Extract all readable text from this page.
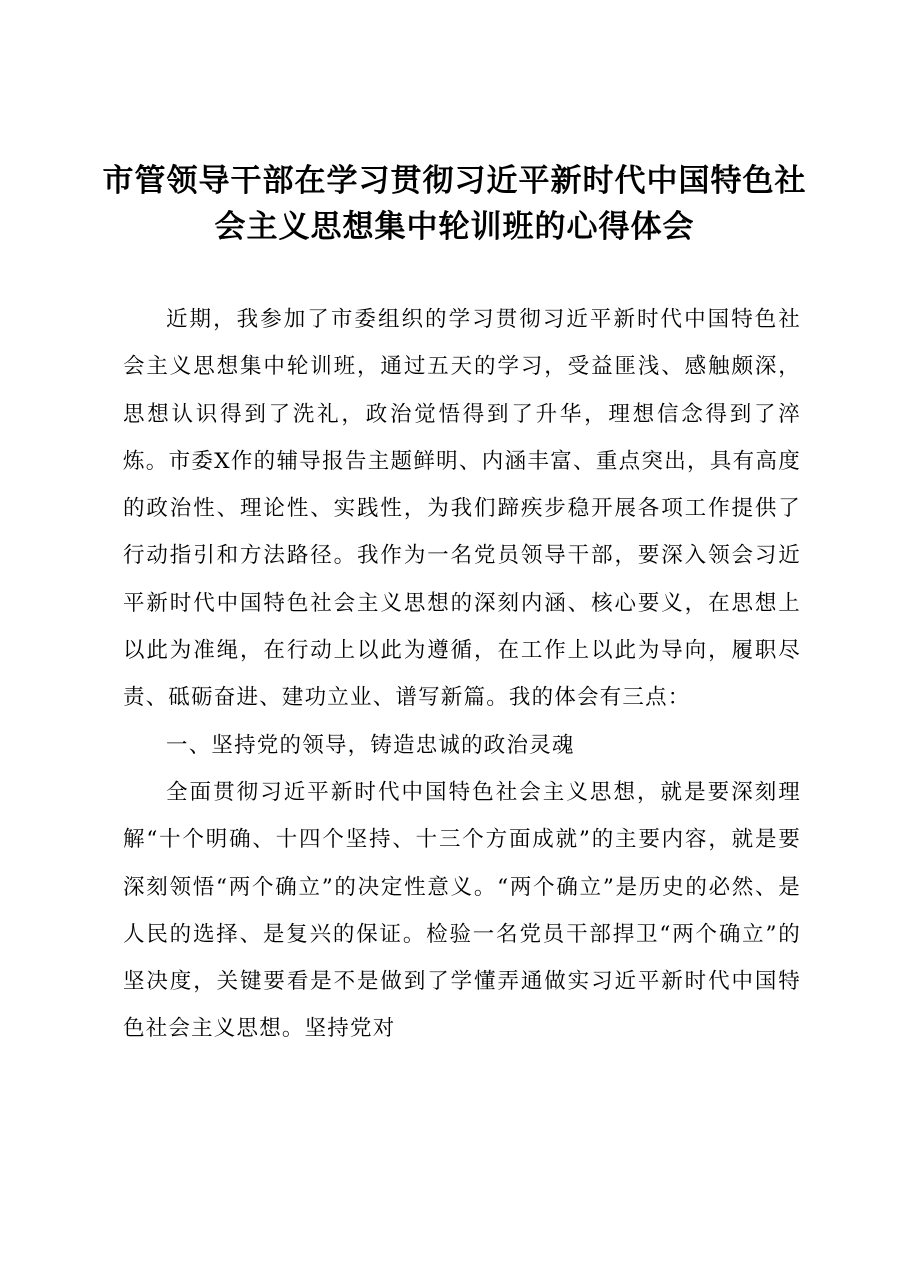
市管领导干部在学习贯彻习近平新时代中国特色社会主义思想集中轮训班的心得体会

近期，我参加了市委组织的学习贯彻习近平新时代中国特色社会主义思想集中轮训班，通过五天的学习，受益匪浅、感触颇深，思想认识得到了洗礼，政治觉悟得到了升华，理想信念得到了淬炼。市委X作的辅导报告主题鲜明、内涵丰富、重点突出，具有高度的政治性、理论性、实践性，为我们蹄疾步稳开展各项工作提供了行动指引和方法路径。我作为一名党员领导干部，要深入领会习近平新时代中国特色社会主义思想的深刻内涵、核心要义，在思想上以此为准绳，在行动上以此为遵循，在工作上以此为导向，履职尽责、砥砺奋进、建功立业、谱写新篇。我的体会有三点：

一、坚持党的领导，铸造忠诚的政治灵魂

全面贯彻习近平新时代中国特色社会主义思想，就是要深刻理解“十个明确、十四个坚持、十三个方面成就”的主要内容，就是要深刻领悟“两个确立”的决定性意义。“两个确立”是历史的必然、是人民的选择、是复兴的保证。检验一名党员干部捍卫“两个确立”的坚决度，关键要看是不是做到了学懂弄通做实习近平新时代中国特色社会主义思想。坚持党对
